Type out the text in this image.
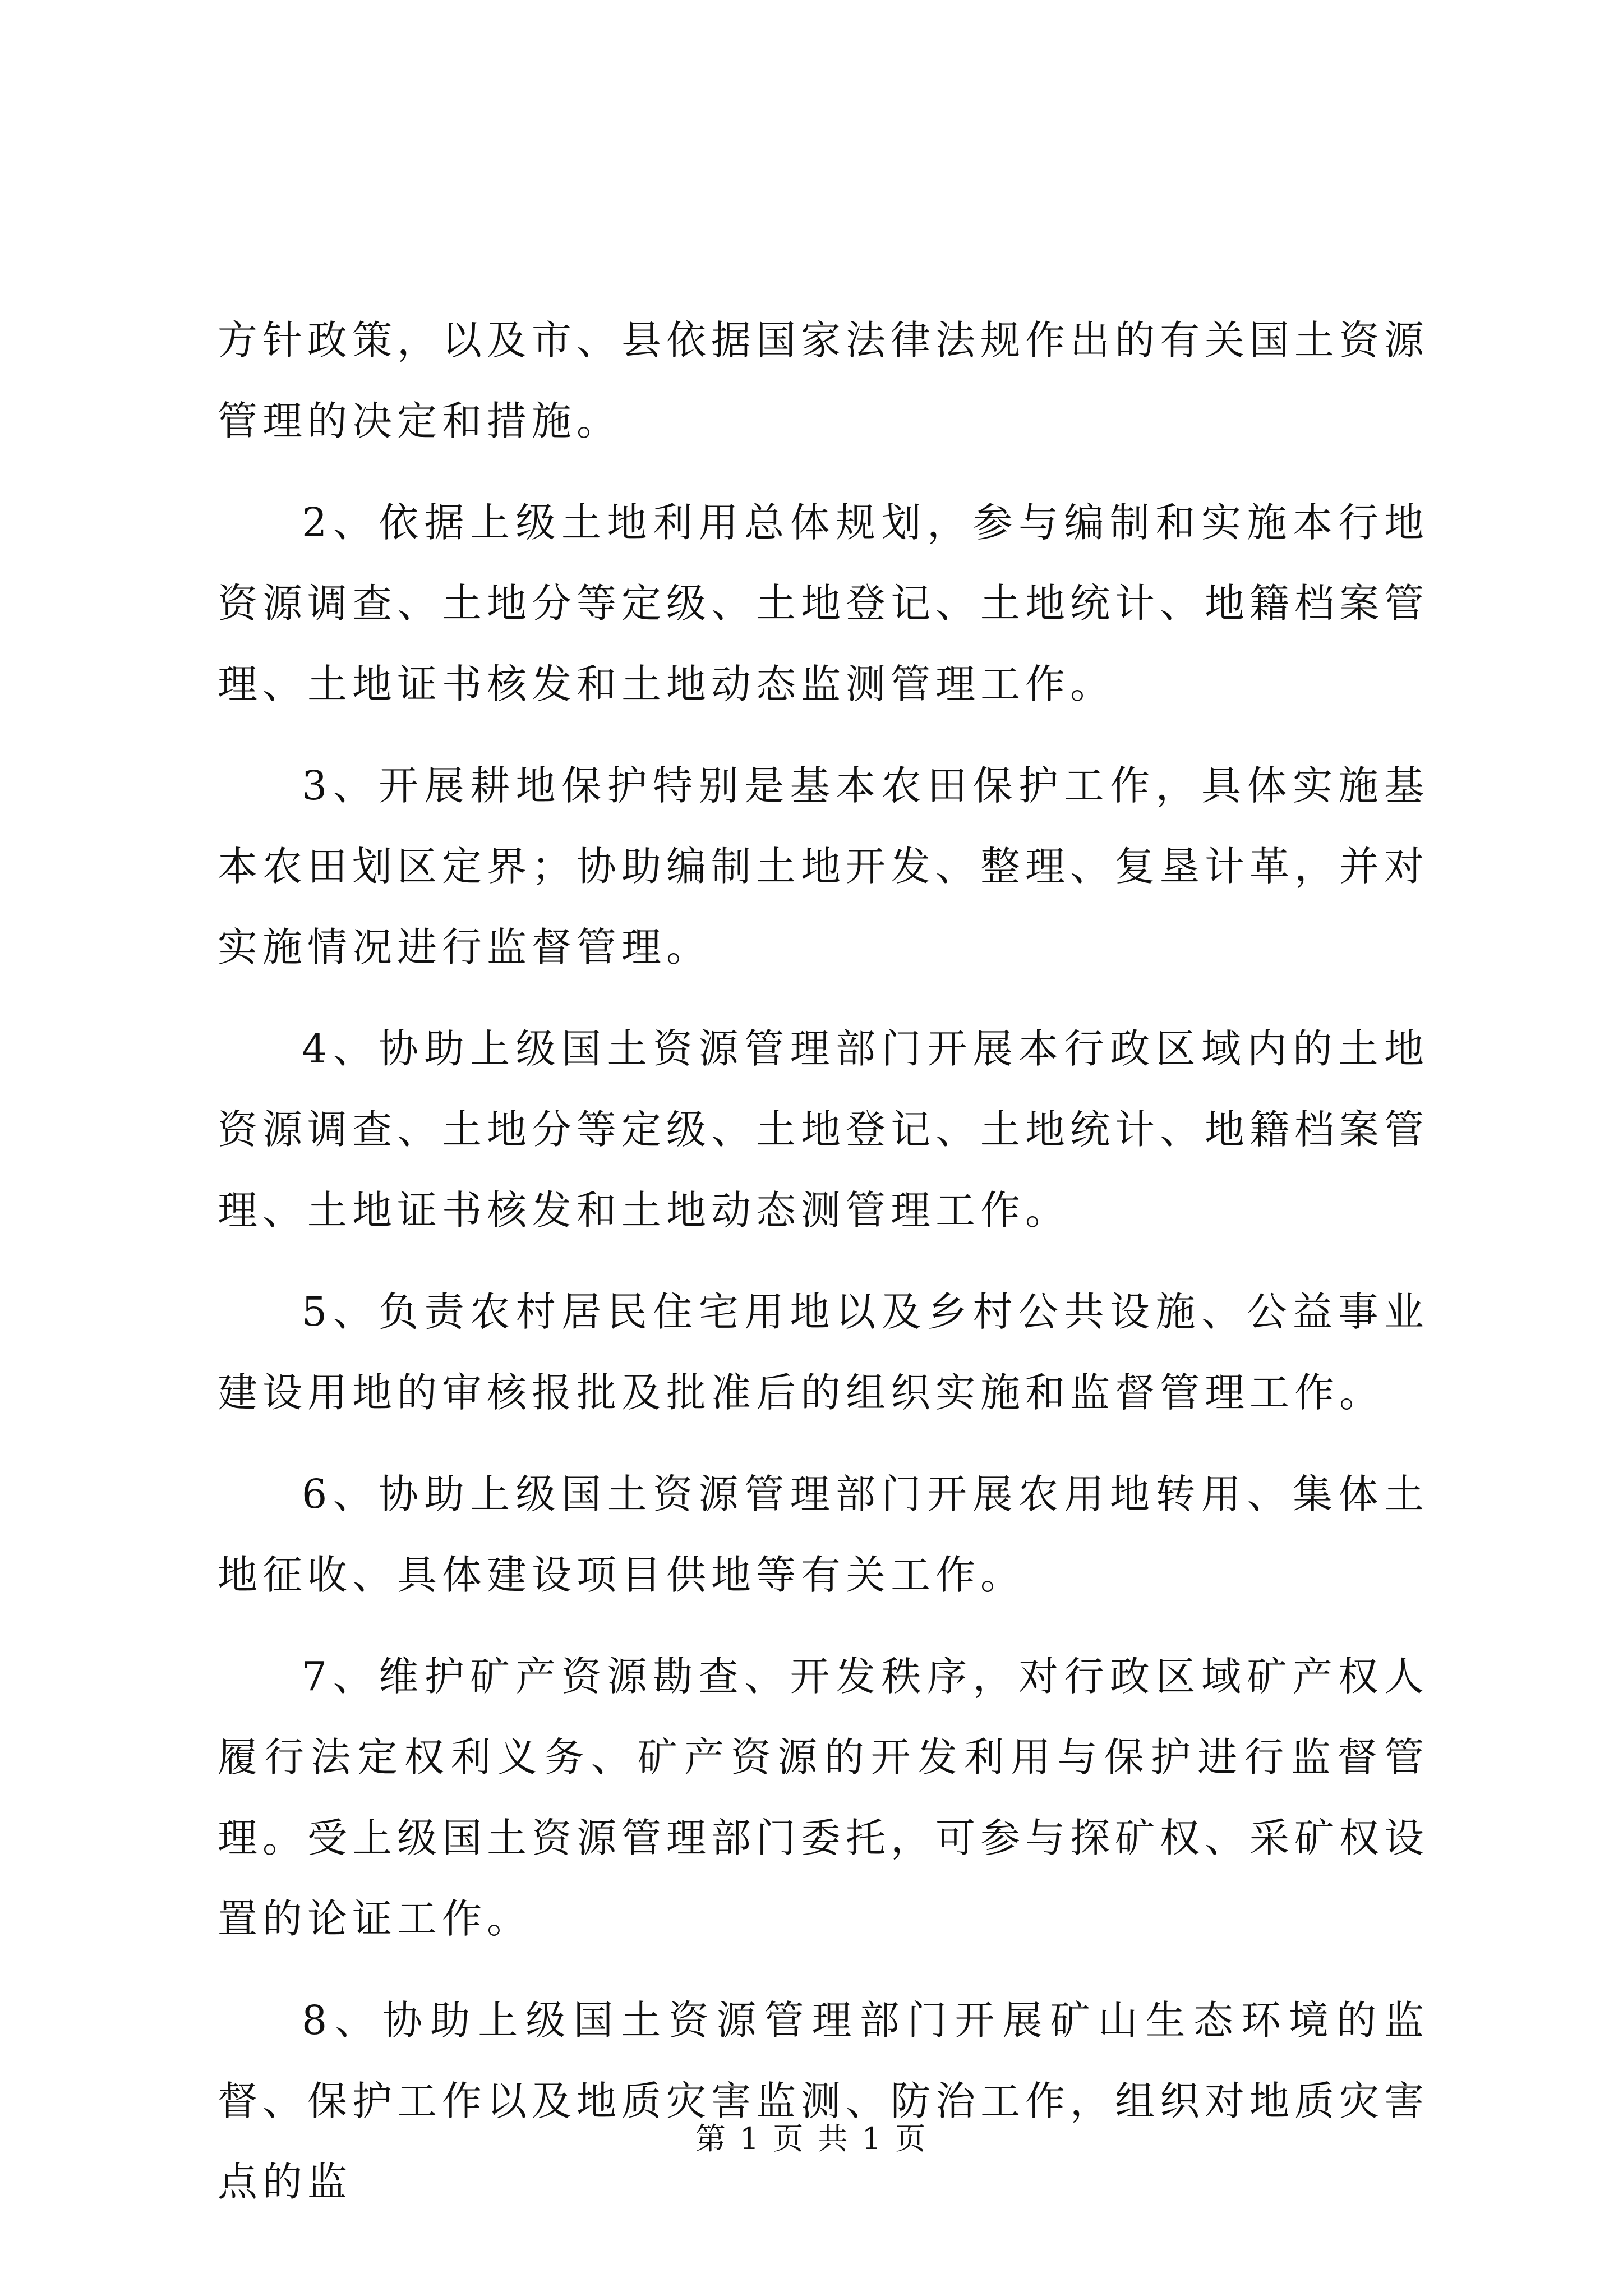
方针政策，以及市、县依据国家法律法规作出的有关国土资源管理的决定和措施。

2、依据上级土地利用总体规划，参与编制和实施本行地资源调查、土地分等定级、土地登记、土地统计、地籍档案管理、土地证书核发和土地动态监测管理工作。

3、开展耕地保护特别是基本农田保护工作，具体实施基本农田划区定界；协助编制土地开发、整理、复垦计革，并对实施情况进行监督管理。

4、协助上级国土资源管理部门开展本行政区域内的土地资源调查、土地分等定级、土地登记、土地统计、地籍档案管理、土地证书核发和土地动态测管理工作。

5、负责农村居民住宅用地以及乡村公共设施、公益事业建设用地的审核报批及批准后的组织实施和监督管理工作。

6、协助上级国土资源管理部门开展农用地转用、集体土地征收、具体建设项目供地等有关工作。

7、维护矿产资源勘查、开发秩序，对行政区域矿产权人履行法定权利义务、矿产资源的开发利用与保护进行监督管理。受上级国土资源管理部门委托，可参与探矿权、采矿权设置的论证工作。

8、协助上级国土资源管理部门开展矿山生态环境的监督、保护工作以及地质灾害监测、防治工作，组织对地质灾害点的监

第 1 页 共 1 页
